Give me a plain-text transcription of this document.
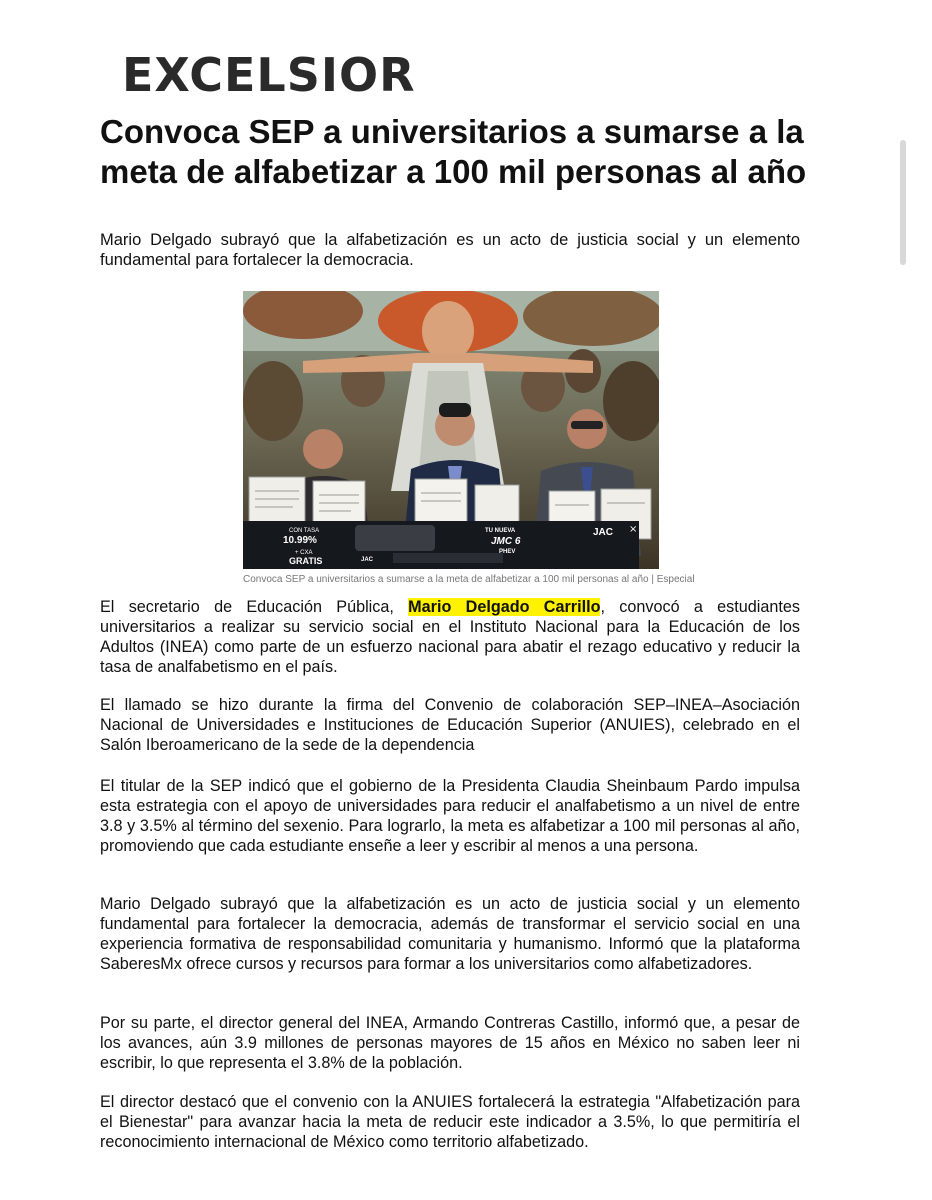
EXCELSIOR
Convoca SEP a universitarios a sumarse a la meta de alfabetizar a 100 mil personas al año

Mario Delgado subrayó que la alfabetización es un acto de justicia social y un elemento fundamental para fortalecer la democracia.

CON TASA
10.99%
+ CXA
GRATIS	JAC
TU NUEVA
JMC 6
PHEV
JAC ×
Convoca SEP a universitarios a sumarse a la meta de alfabetizar a 100 mil personas al año | Especial

El secretario de Educación Pública, Mario Delgado Carrillo, convocó a estudiantes universitarios a realizar su servicio social en el Instituto Nacional para la Educación de los Adultos (INEA) como parte de un esfuerzo nacional para abatir el rezago educativo y reducir la tasa de analfabetismo en el país.

El llamado se hizo durante la firma del Convenio de colaboración SEP–INEA–Asociación Nacional de Universidades e Instituciones de Educación Superior (ANUIES), celebrado en el Salón Iberoamericano de la sede de la dependencia

El titular de la SEP indicó que el gobierno de la Presidenta Claudia Sheinbaum Pardo impulsa esta estrategia con el apoyo de universidades para reducir el analfabetismo a un nivel de entre 3.8 y 3.5% al término del sexenio. Para lograrlo, la meta es alfabetizar a 100 mil personas al año, promoviendo que cada estudiante enseñe a leer y escribir al menos a una persona.

Mario Delgado subrayó que la alfabetización es un acto de justicia social y un elemento fundamental para fortalecer la democracia, además de transformar el servicio social en una experiencia formativa de responsabilidad comunitaria y humanismo. Informó que la plataforma SaberesMx ofrece cursos y recursos para formar a los universitarios como alfabetizadores.

Por su parte, el director general del INEA, Armando Contreras Castillo, informó que, a pesar de los avances, aún 3.9 millones de personas mayores de 15 años en México no saben leer ni escribir, lo que representa el 3.8% de la población.

El director destacó que el convenio con la ANUIES fortalecerá la estrategia "Alfabetización para el Bienestar" para avanzar hacia la meta de reducir este indicador a 3.5%, lo que permitiría el reconocimiento internacional de México como territorio alfabetizado.
